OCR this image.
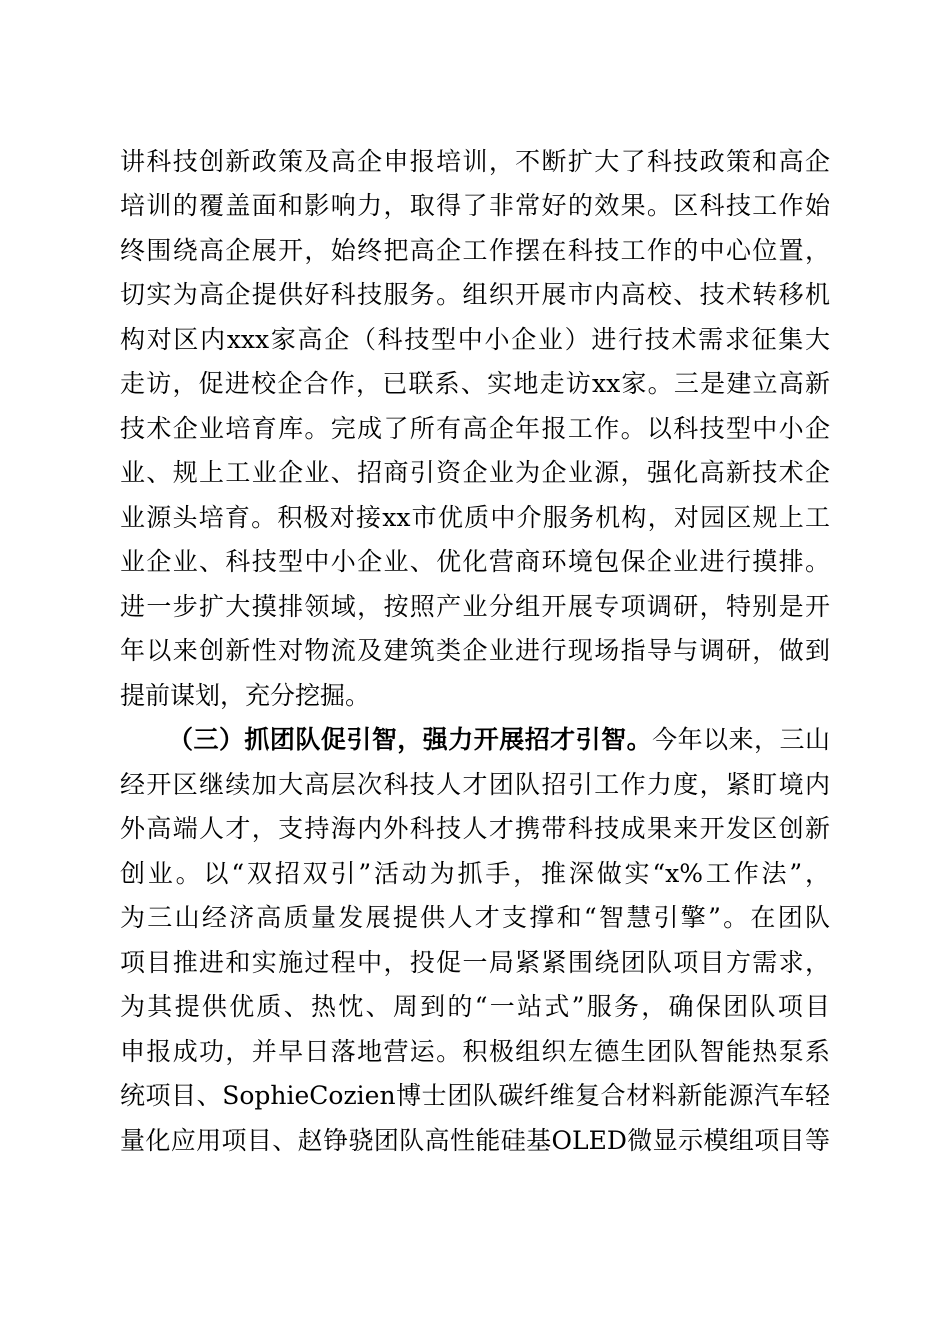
讲科技创新政策及高企申报培训，不断扩大了科技政策和高企
培训的覆盖面和影响力，取得了非常好的效果。区科技工作始
终围绕高企展开，始终把高企工作摆在科技工作的中心位置，
切实为高企提供好科技服务。组织开展市内高校、技术转移机
构对区内xxx家高企（科技型中小企业）进行技术需求征集大
走访，促进校企合作，已联系、实地走访xx家。三是建立高新
技术企业培育库。完成了所有高企年报工作。以科技型中小企
业、规上工业企业、招商引资企业为企业源，强化高新技术企
业源头培育。积极对接xx市优质中介服务机构，对园区规上工
业企业、科技型中小企业、优化营商环境包保企业进行摸排。
进一步扩大摸排领域，按照产业分组开展专项调研，特别是开
年以来创新性对物流及建筑类企业进行现场指导与调研，做到
提前谋划，充分挖掘。
（三）抓团队促引智，强力开展招才引智。今年以来，三山
经开区继续加大高层次科技人才团队招引工作力度，紧盯境内
外高端人才，支持海内外科技人才携带科技成果来开发区创新
创业。以“双招双引”活动为抓手，推深做实“x%工作法”，
为三山经济高质量发展提供人才支撑和“智慧引擎”。在团队
项目推进和实施过程中，投促一局紧紧围绕团队项目方需求，
为其提供优质、热忱、周到的“一站式”服务，确保团队项目
申报成功，并早日落地营运。积极组织左德生团队智能热泵系
统项目、SophieCozien博士团队碳纤维复合材料新能源汽车轻
量化应用项目、赵铮骁团队高性能硅基OLED微显示模组项目等
